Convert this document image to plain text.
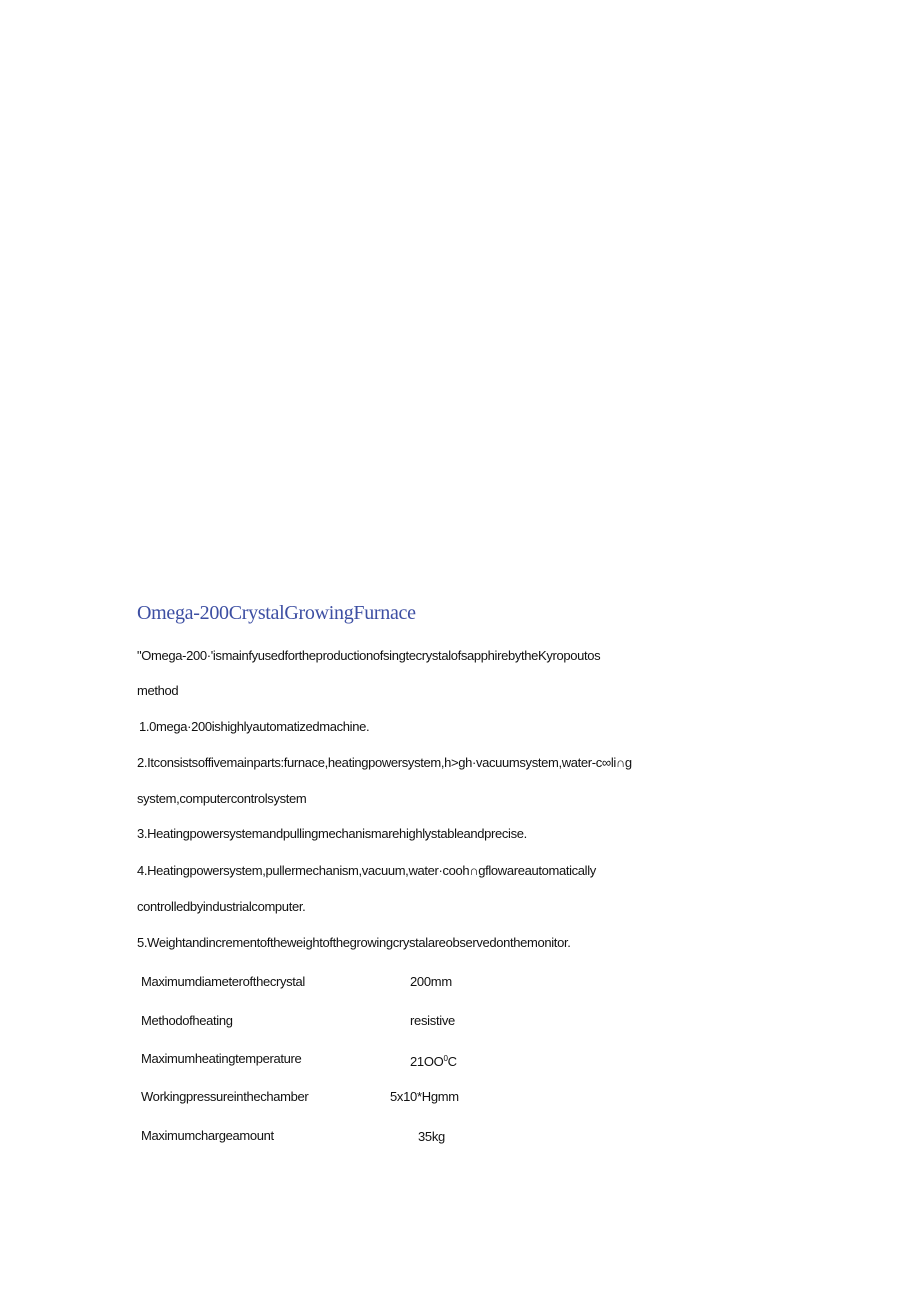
Omega-200CrystalGrowingFurnace
"Omega-200·'ismainfyusedfortheproductionofsingtecrystalofsapphirebytheKyropoutos
method
1.0mega·200ishighlyautomatizedmachine.
2.Itconsistsoffivemainparts:furnace,heatingpowersystem,h>gh·vacuumsystem,water-c∞li∩g
system,computercontrolsystem
3.Heatingpowersystemandpullingmechanismarehighlystableandprecise.
4.Heatingpowersystem,pullermechanism,vacuum,water·cooh∩gflowareautomatically
controlledbyindustrialcomputer.
5.Weightandincrementoftheweightofthegrowingcrystalareobservedonthemonitor.
Maximumdiameterofthecrystal	200mm
Methodofheating	resistive
Maximumheatingtemperature	$21OO^0C$
Workingpressureinthechamber	5x10*Hgmm
Maximumchargeamount	35kg
